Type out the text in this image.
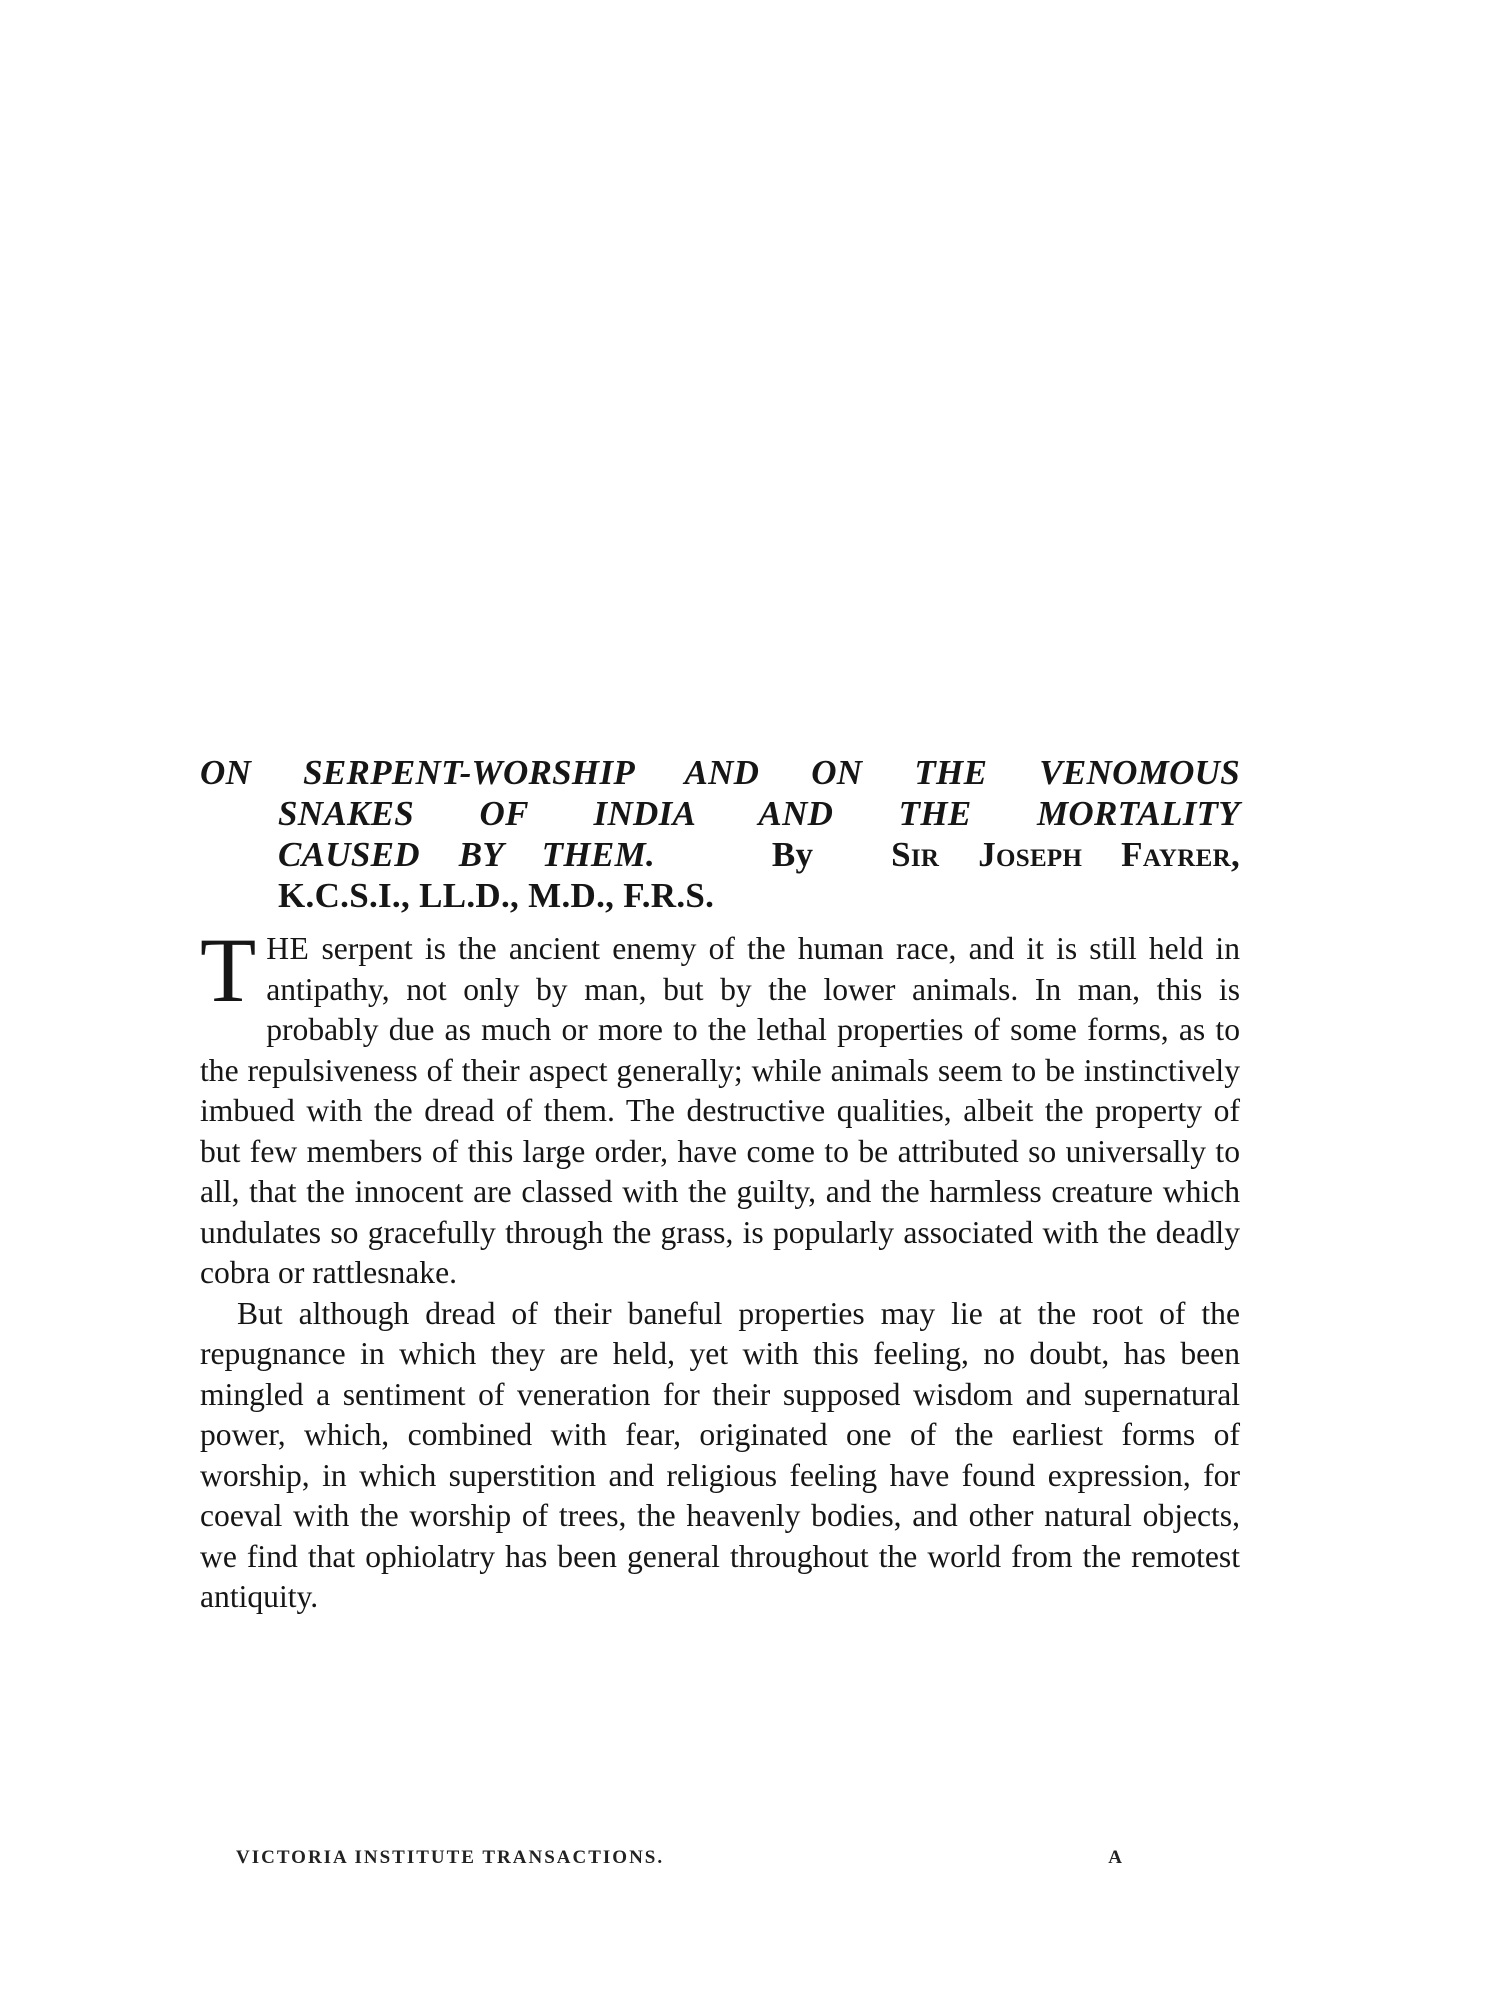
ON SERPENT-WORSHIP AND ON THE VENOMOUS
SNAKES OF INDIA AND THE MORTALITY
CAUSED BY THEM.	By Sir Joseph Fayrer,
K.C.S.I., LL.D., M.D., F.R.S.

THE serpent is the ancient enemy of the human race, and it is still held in antipathy, not only by man, but by the lower animals. In man, this is probably due as much or more to the lethal properties of some forms, as to the repulsiveness of their aspect generally; while animals seem to be instinctively imbued with the dread of them. The destructive qualities, albeit the property of but few members of this large order, have come to be attributed so universally to all, that the innocent are classed with the guilty, and the harmless creature which undulates so gracefully through the grass, is popularly associated with the deadly cobra or rattlesnake.

But although dread of their baneful properties may lie at the root of the repugnance in which they are held, yet with this feeling, no doubt, has been mingled a sentiment of veneration for their supposed wisdom and supernatural power, which, combined with fear, originated one of the earliest forms of worship, in which superstition and religious feeling have found expression, for coeval with the worship of trees, the heavenly bodies, and other natural objects, we find that ophiolatry has been general throughout the world from the remotest antiquity.

VICTORIA INSTITUTE TRANSACTIONS.	A
